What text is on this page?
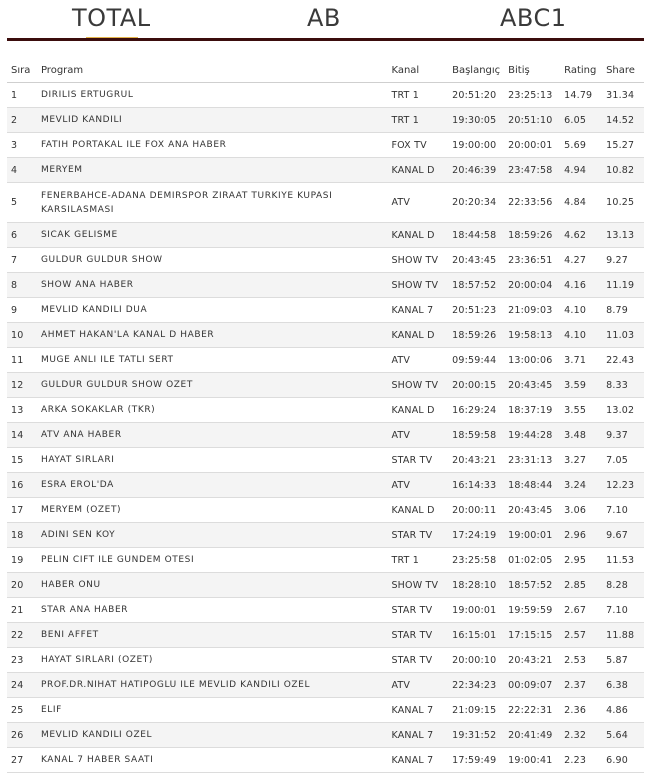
TOTAL	AB	ABC1
Sıra	Program	Kanal	Başlangıç	Bitiş	Rating	Share
1	DIRILIS ERTUGRUL	TRT 1	20:51:20	23:25:13	14.79	31.34
2	MEVLID KANDILI	TRT 1	19:30:05	20:51:10	6.05	14.52
3	FATIH PORTAKAL ILE FOX ANA HABER	FOX TV	19:00:00	20:00:01	5.69	15.27
4	MERYEM	KANAL D	20:46:39	23:47:58	4.94	10.82
5	FENERBAHCE-ADANA DEMIRSPOR ZIRAAT TURKIYE KUPASI KARSILASMASI	ATV	20:20:34	22:33:56	4.84	10.25
6	SICAK GELISME	KANAL D	18:44:58	18:59:26	4.62	13.13
7	GULDUR GULDUR SHOW	SHOW TV	20:43:45	23:36:51	4.27	9.27
8	SHOW ANA HABER	SHOW TV	18:57:52	20:00:04	4.16	11.19
9	MEVLID KANDILI DUA	KANAL 7	20:51:23	21:09:03	4.10	8.79
10	AHMET HAKAN'LA KANAL D HABER	KANAL D	18:59:26	19:58:13	4.10	11.03
11	MUGE ANLI ILE TATLI SERT	ATV	09:59:44	13:00:06	3.71	22.43
12	GULDUR GULDUR SHOW OZET	SHOW TV	20:00:15	20:43:45	3.59	8.33
13	ARKA SOKAKLAR (TKR)	KANAL D	16:29:24	18:37:19	3.55	13.02
14	ATV ANA HABER	ATV	18:59:58	19:44:28	3.48	9.37
15	HAYAT SIRLARI	STAR TV	20:43:21	23:31:13	3.27	7.05
16	ESRA EROL'DA	ATV	16:14:33	18:48:44	3.24	12.23
17	MERYEM (OZET)	KANAL D	20:00:11	20:43:45	3.06	7.10
18	ADINI SEN KOY	STAR TV	17:24:19	19:00:01	2.96	9.67
19	PELIN CIFT ILE GUNDEM OTESI	TRT 1	23:25:58	01:02:05	2.95	11.53
20	HABER ONU	SHOW TV	18:28:10	18:57:52	2.85	8.28
21	STAR ANA HABER	STAR TV	19:00:01	19:59:59	2.67	7.10
22	BENI AFFET	STAR TV	16:15:01	17:15:15	2.57	11.88
23	HAYAT SIRLARI (OZET)	STAR TV	20:00:10	20:43:21	2.53	5.87
24	PROF.DR.NIHAT HATIPOGLU ILE MEVLID KANDILI OZEL	ATV	22:34:23	00:09:07	2.37	6.38
25	ELIF	KANAL 7	21:09:15	22:22:31	2.36	4.86
26	MEVLID KANDILI OZEL	KANAL 7	19:31:52	20:41:49	2.32	5.64
27	KANAL 7 HABER SAATI	KANAL 7	17:59:49	19:00:41	2.23	6.90
